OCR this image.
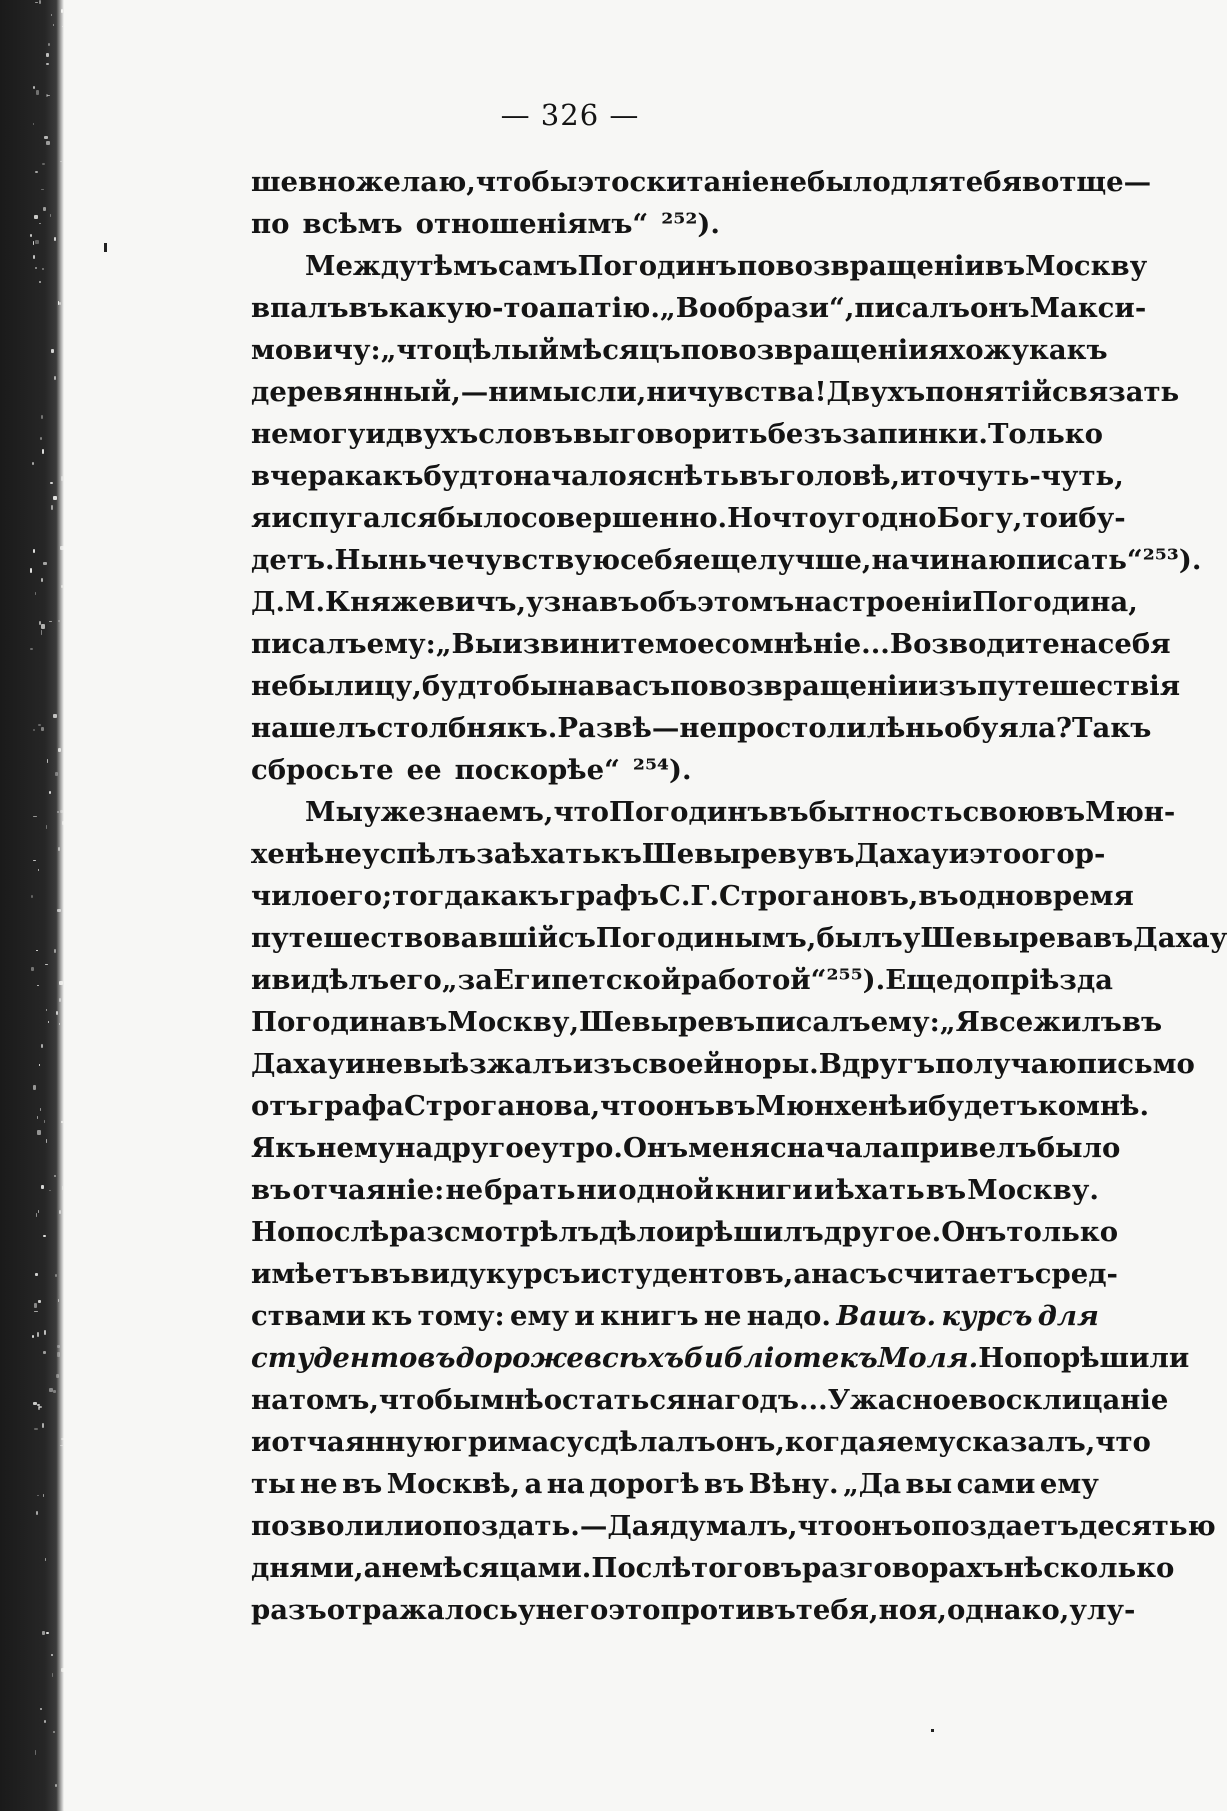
— 326 —
шевно желаю, чтобы это скитаніе не было для тебя вотще—
по всѣмъ отношеніямъ“ ²⁵²).
Между тѣмъ самъ Погодинъ по возвращеніи въ Москву
впалъ въ какую-то апатію. „Вообрази“, писалъ онъ Макси-
мовичу: „что цѣлый мѣсяцъ по возвращеніи я хожу какъ
деревянный,—ни мысли, ни чувства! Двухъ понятій связать
не могу и двухъ словъ выговорить безъ запинки. Только
вчера какъ будто начало яснѣть въ головѣ, и то чуть-чуть,
я испугался было совершенно. Но что угодно Богу, то и бу-
детъ. Ныньче чувствую себя еще лучше, начинаю писать“ ²⁵³).
Д. М. Княжевичъ, узнавъ объ этомъ настроеніи Погодина,
писалъ ему: „Вы извините мое сомнѣніе... Возводите на себя
небылицу, будто бы на васъ по возвращеніи изъ путешествія
нашелъ столбнякъ. Развѣ—не просто ли лѣнь обуяла? Такъ
сбросьте ее поскорѣе“ ²⁵⁴).
Мы уже знаемъ, что Погодинъ въ бытность свою въ Мюн-
хенѣ не успѣлъ заѣхать къ Шевыреву въ Дахау и это огор-
чило его; тогда какъ графъ С. Г. Строгановъ, въ одно время
путешествовавшій съ Погодинымъ, былъ у Шевырева въ Дахау
и видѣлъ его „за Египетской работой“ ²⁵⁵). Еще до пріѣзда
Погодина въ Москву, Шевыревъ писалъ ему: „Я все жилъ въ
Дахау и не выѣзжалъ изъ своей норы. Вдругъ получаю письмо
отъ графа Строганова, что онъ въ Мюнхенѣ и будетъ ко мнѣ.
Я къ нему на другое утро. Онъ меня сначала привелъ было
въ отчаяніе: не брать ни одной книги и ѣхать въ Москву.
Но послѣ разсмотрѣлъ дѣло и рѣшилъ другое. Онъ только
имѣетъ въ виду курсъ и студентовъ, а насъ считаетъ сред-
ствами къ тому: ему и книгъ не надо. Вашъ. курсъ для
студентовъ дороже всѣхъ библіотекъ Моля. Но порѣшили
на томъ, чтобы мнѣ остаться на годъ... Ужасное восклицаніе
и отчаянную гримасу сдѣлалъ онъ, когда я ему сказалъ, что
ты не въ Москвѣ, а на дорогѣ въ Вѣну. „Да вы сами ему
позволили опоздать.—Да я думалъ, что онъ опоздаетъ десятью
днями, а не мѣсяцами. Послѣ того въ разговорахъ нѣсколько
разъ отражалось у него это противъ тебя, но я, однако, улу-
